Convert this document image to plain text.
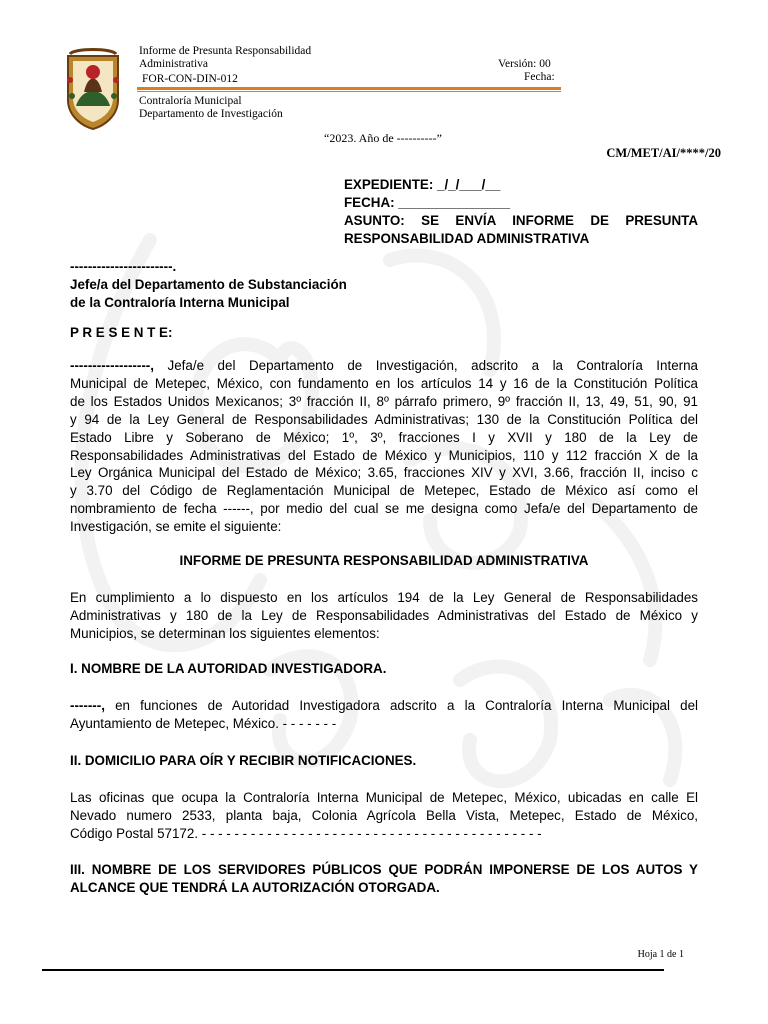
Informe de Presunta Responsabilidad
Administrativa
FOR-CON-DIN-012
Versión: 00
Fecha:
Contraloría Municipal
Departamento de Investigación
“2023. Año de ----------”
CM/MET/AI/****/20
EXPEDIENTE: _/_/___/__
FECHA: _______________
ASUNTO: SE ENVÍA INFORME DE PRESUNTA
RESPONSABILIDAD ADMINISTRATIVA
-----------------------.
Jefe/a del Departamento de Substanciación
de la Contraloría Interna Municipal
P R E S E N T E:
------------------, Jefa/e del Departamento de Investigación, adscrito a la Contraloría Interna
Municipal de Metepec, México, con fundamento en los artículos 14 y 16 de la Constitución Política
de los Estados Unidos Mexicanos; 3º fracción II, 8º párrafo primero, 9º fracción II, 13, 49, 51, 90, 91
y 94 de la Ley General de Responsabilidades Administrativas; 130 de la Constitución Política del
Estado Libre y Soberano de México; 1º, 3º, fracciones I y XVII y 180 de la Ley de
Responsabilidades Administrativas del Estado de México y Municipios, 110 y 112 fracción X de la
Ley Orgánica Municipal del Estado de México; 3.65, fracciones XIV y XVI, 3.66, fracción II, inciso c
y 3.70 del Código de Reglamentación Municipal de Metepec, Estado de México así como el
nombramiento de fecha ------, por medio del cual se me designa como Jefa/e del Departamento de
Investigación, se emite el siguiente:
INFORME DE PRESUNTA RESPONSABILIDAD ADMINISTRATIVA
En cumplimiento a lo dispuesto en los artículos 194 de la Ley General de Responsabilidades
Administrativas y 180 de la Ley de Responsabilidades Administrativas del Estado de México y
Municipios, se determinan los siguientes elementos:
I. NOMBRE DE LA AUTORIDAD INVESTIGADORA.
-------, en funciones de Autoridad Investigadora adscrito a la Contraloría Interna Municipal del
Ayuntamiento de Metepec, México. - - - - - - -
II. DOMICILIO PARA OÍR Y RECIBIR NOTIFICACIONES.
Las oficinas que ocupa la Contraloría Interna Municipal de Metepec, México, ubicadas en calle El
Nevado numero 2533, planta baja, Colonia Agrícola Bella Vista, Metepec, Estado de México,
Código Postal 57172. - - - - - - - - - - - - - - - - - - - - - - - - - - - - - - - - - - - - - - - - - -
III. NOMBRE DE LOS SERVIDORES PÚBLICOS QUE PODRÁN IMPONERSE DE LOS AUTOS Y
ALCANCE QUE TENDRÁ LA AUTORIZACIÓN OTORGADA.
Hoja 1 de 1
